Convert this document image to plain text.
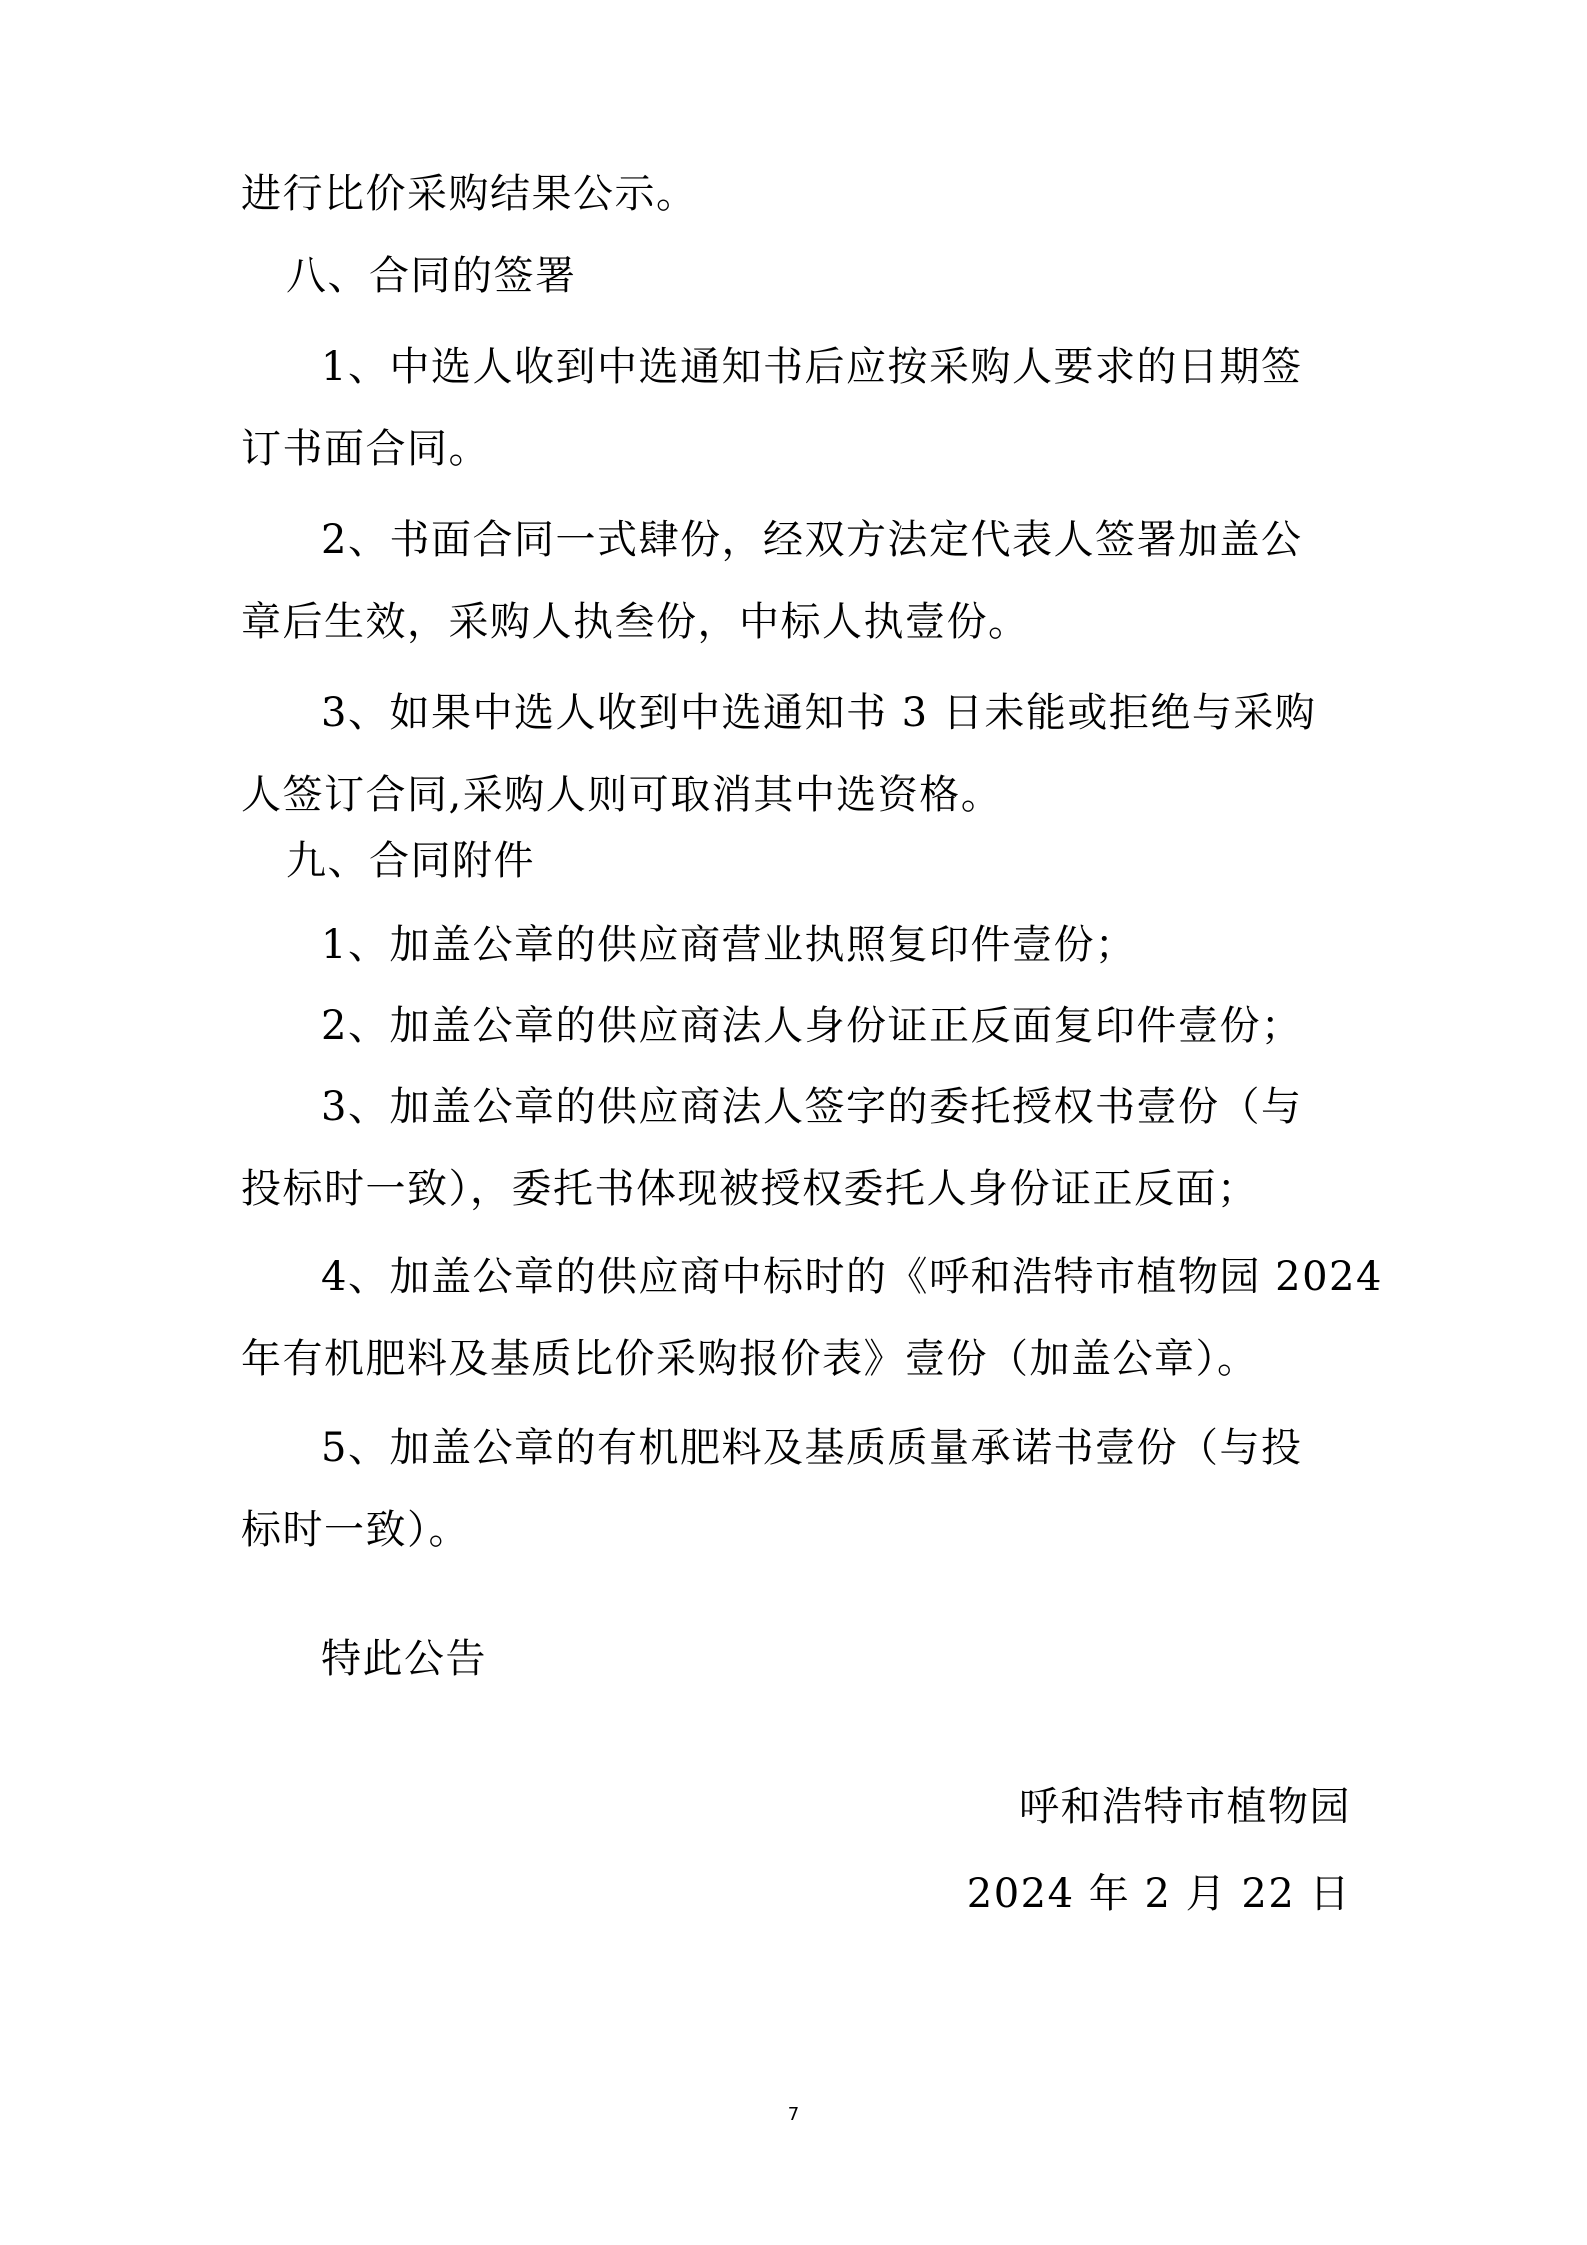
进行比价采购结果公示。
八、合同的签署
1、中选人收到中选通知书后应按采购人要求的日期签
订书面合同。
2、书面合同一式肆份，经双方法定代表人签署加盖公
章后生效，采购人执叁份，中标人执壹份。
3、如果中选人收到中选通知书 3 日未能或拒绝与采购
人签订合同,采购人则可取消其中选资格。
九、合同附件
1、加盖公章的供应商营业执照复印件壹份；
2、加盖公章的供应商法人身份证正反面复印件壹份；
3、加盖公章的供应商法人签字的委托授权书壹份（与
投标时一致），委托书体现被授权委托人身份证正反面；
4、加盖公章的供应商中标时的《呼和浩特市植物园 2024
年有机肥料及基质比价采购报价表》壹份（加盖公章）。
5、加盖公章的有机肥料及基质质量承诺书壹份（与投
标时一致）。
特此公告
呼和浩特市植物园
2024 年 2 月 22 日
7
